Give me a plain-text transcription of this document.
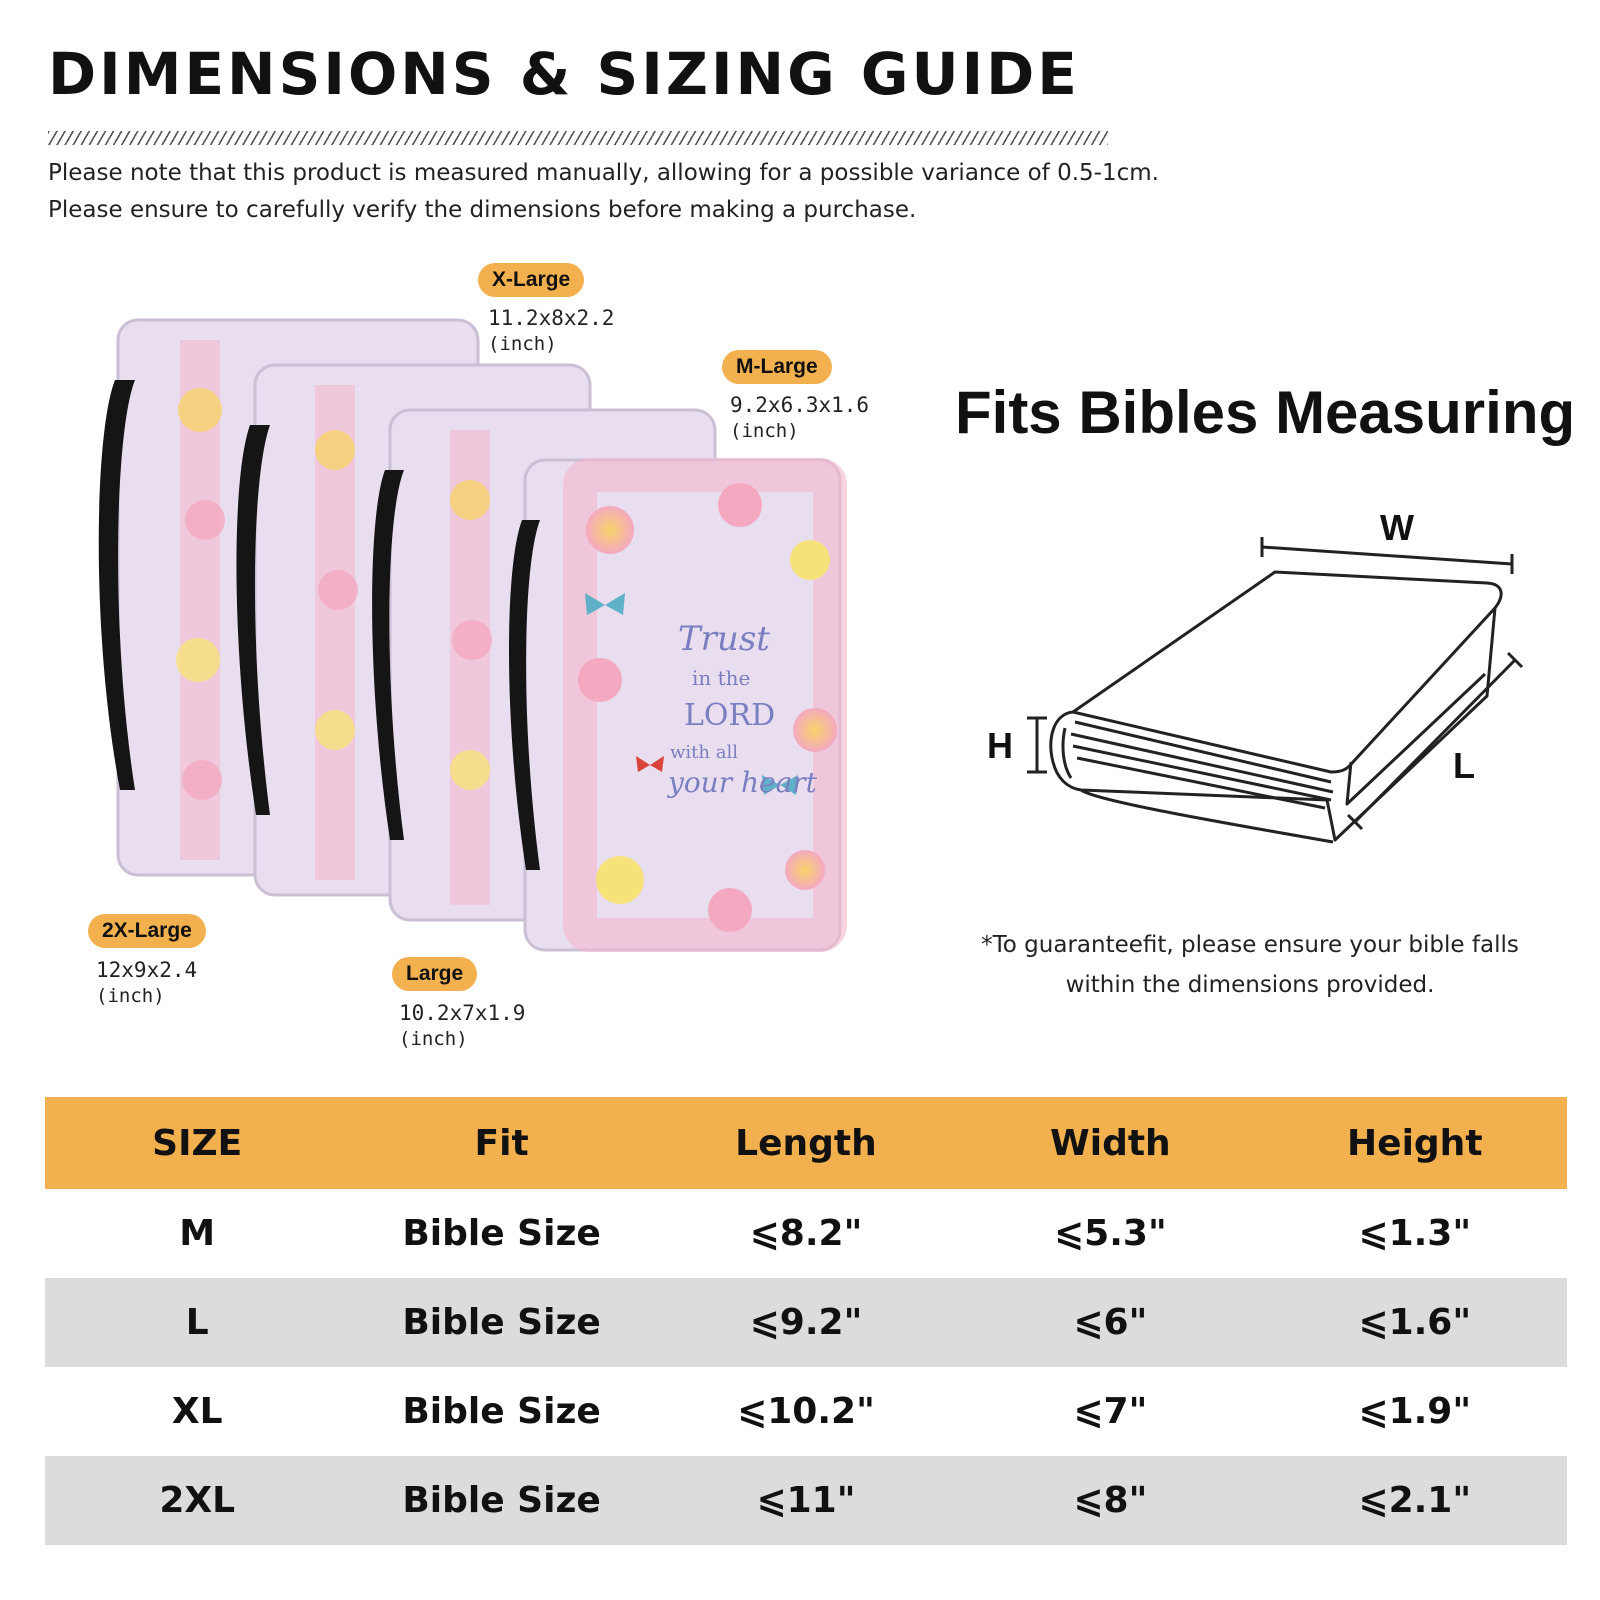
DIMENSIONS & SIZING GUIDE
Please note that this product is measured manually, allowing for a possible variance of 0.5-1cm.
Please ensure to carefully verify the dimensions before making a purchase.
Trust
in the
LORD
with all
your heart
X-Large
11.2x8x2.2
(inch)
M-Large
9.2x6.3x1.6
(inch)
2X-Large
12x9x2.4
(inch)
Large
10.2x7x1.9
(inch)
Fits Bibles Measuring
W
H	L
*To guaranteefit, please ensure your bible falls
within the dimensions provided.
SIZE	Fit	Length	Width	Height
M	Bible Size	⩽8.2"	⩽5.3"	⩽1.3"
L	Bible Size	⩽9.2"	⩽6"	⩽1.6"
XL	Bible Size	⩽10.2"	⩽7"	⩽1.9"
2XL	Bible Size	⩽11"	⩽8"	⩽2.1"
